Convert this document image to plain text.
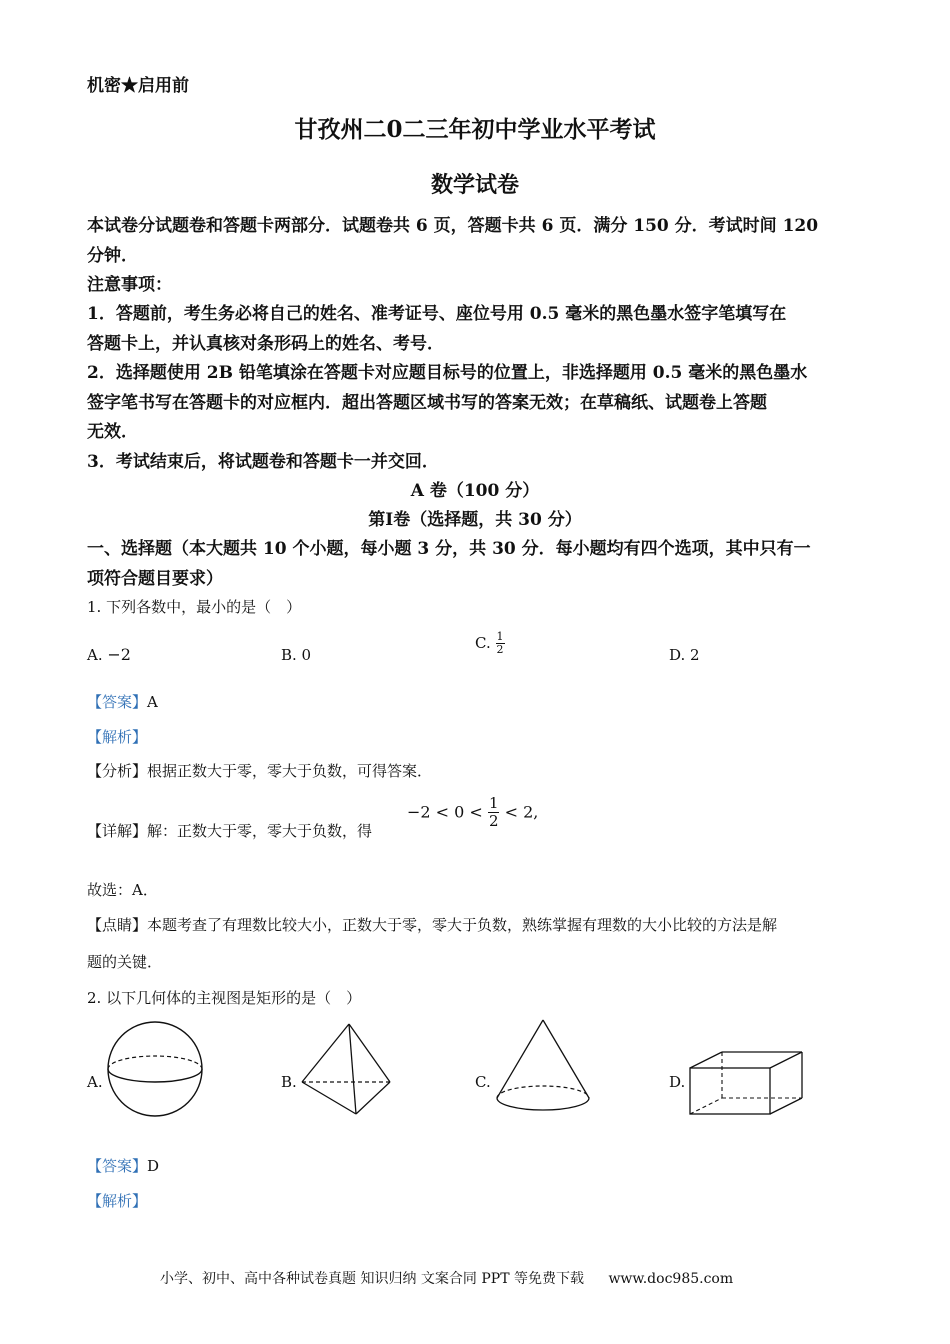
机密★启用前
甘孜州二0二三年初中学业水平考试
数学试卷
本试卷分试题卷和答题卡两部分．试题卷共 6 页，答题卡共 6 页．满分 150 分．考试时间 120
分钟．
注意事项：
1．答题前，考生务必将自己的姓名、准考证号、座位号用 0.5 毫米的黑色墨水签字笔填写在
答题卡上，并认真核对条形码上的姓名、考号．
2．选择题使用 2B 铅笔填涂在答题卡对应题目标号的位置上，非选择题用 0.5 毫米的黑色墨水
签字笔书写在答题卡的对应框内．超出答题区域书写的答案无效；在草稿纸、试题卷上答题
无效．
3．考试结束后，将试题卷和答题卡一并交回．
A 卷（100 分）
第Ⅰ卷（选择题，共 30 分）
一、选择题（本大题共 10 个小题，每小题 3 分，共 30 分．每小题均有四个选项，其中只有一
项符合题目要求）
1. 下列各数中，最小的是（　）
A. −2	B. 0
C. $\frac{1}{2}$	D. 2
【答案】A
【解析】
【分析】根据正数大于零，零大于负数，可得答案．
【详解】解：正数大于零，零大于负数，得
$-2 < 0 < \frac{1}{2} < 2$,
故选：A．
【点睛】本题考查了有理数比较大小，正数大于零，零大于负数，熟练掌握有理数的大小比较的方法是解
题的关键．
2. 以下几何体的主视图是矩形的是（　）
A.	B.	C.	D.
【答案】D
【解析】
小学、初中、高中各种试卷真题 知识归纳 文案合同 PPT 等免费下载 www.doc985.com
